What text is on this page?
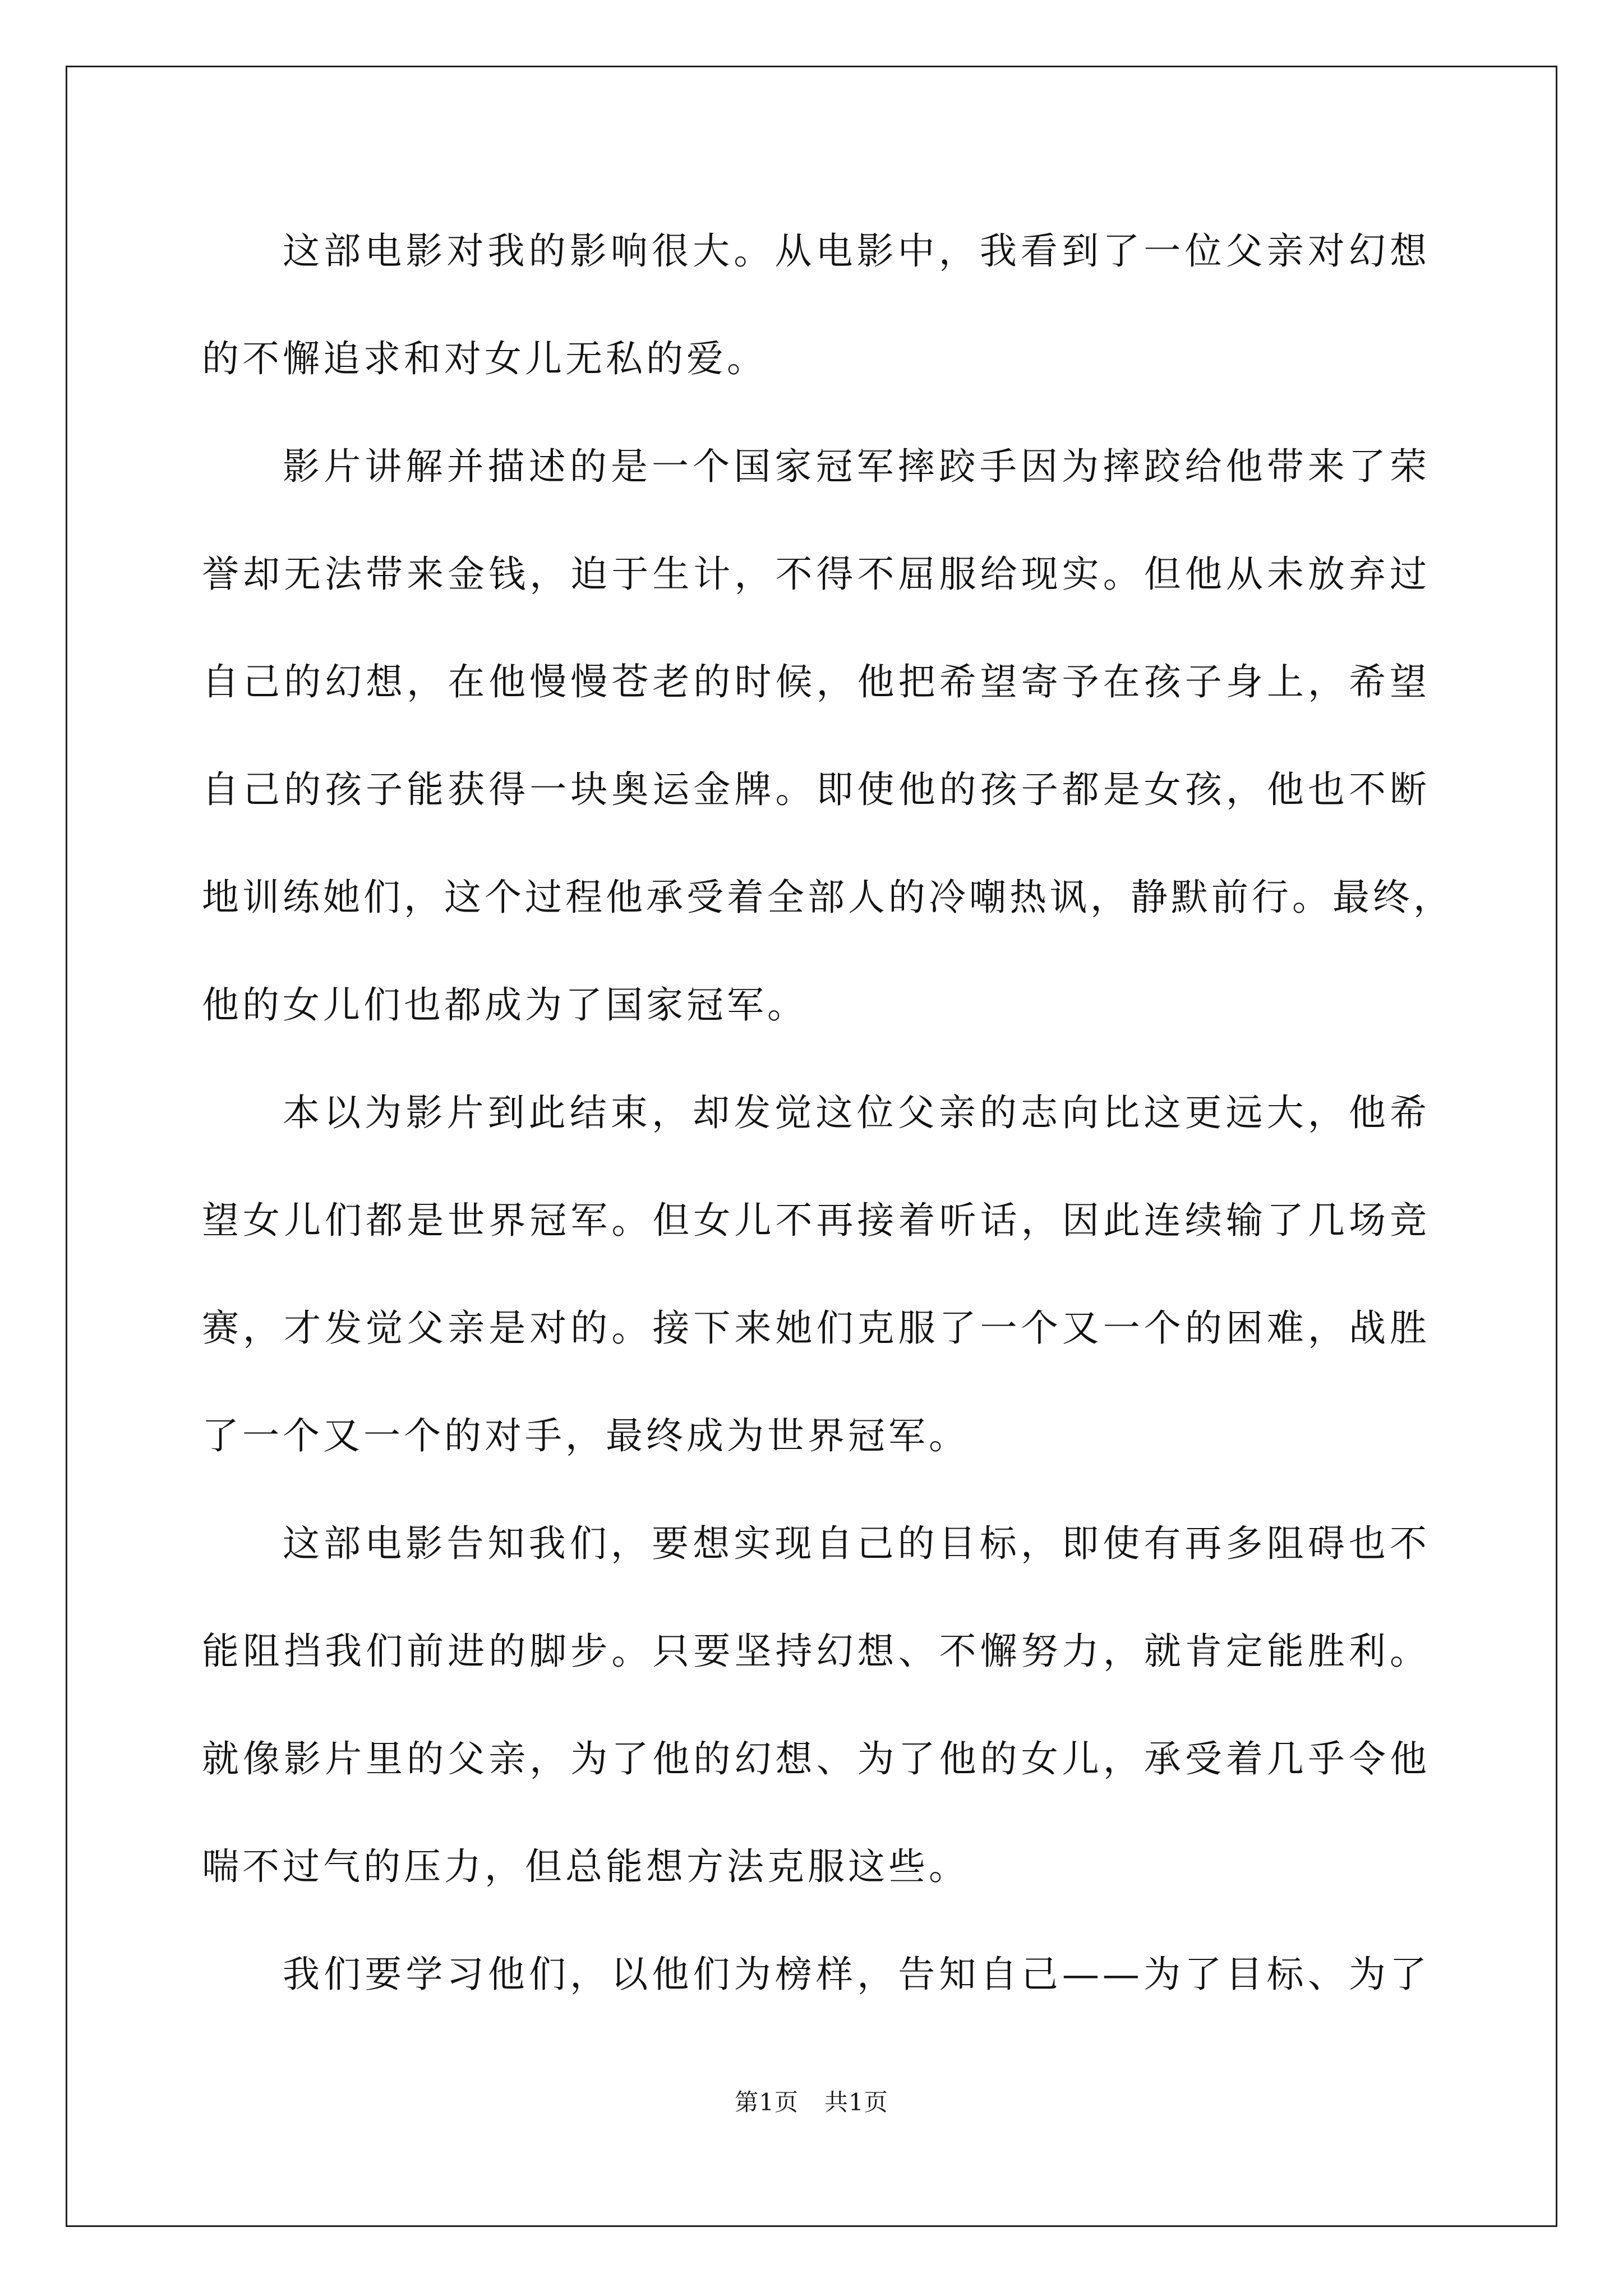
这部电影对我的影响很大。从电影中，我看到了一位父亲对幻想
的不懈追求和对女儿无私的爱。
影片讲解并描述的是一个国家冠军摔跤手因为摔跤给他带来了荣
誉却无法带来金钱，迫于生计，不得不屈服给现实。但他从未放弃过
自己的幻想，在他慢慢苍老的时候，他把希望寄予在孩子身上，希望
自己的孩子能获得一块奥运金牌。即使他的孩子都是女孩，他也不断
地训练她们，这个过程他承受着全部人的冷嘲热讽，静默前行。最终，
他的女儿们也都成为了国家冠军。
本以为影片到此结束，却发觉这位父亲的志向比这更远大，他希
望女儿们都是世界冠军。但女儿不再接着听话，因此连续输了几场竞
赛，才发觉父亲是对的。接下来她们克服了一个又一个的困难，战胜
了一个又一个的对手，最终成为世界冠军。
这部电影告知我们，要想实现自己的目标，即使有再多阻碍也不
能阻挡我们前进的脚步。只要坚持幻想、不懈努力，就肯定能胜利。
就像影片里的父亲，为了他的幻想、为了他的女儿，承受着几乎令他
喘不过气的压力，但总能想方法克服这些。
我们要学习他们，以他们为榜样，告知自己——为了目标、为了
第1页 共1页
